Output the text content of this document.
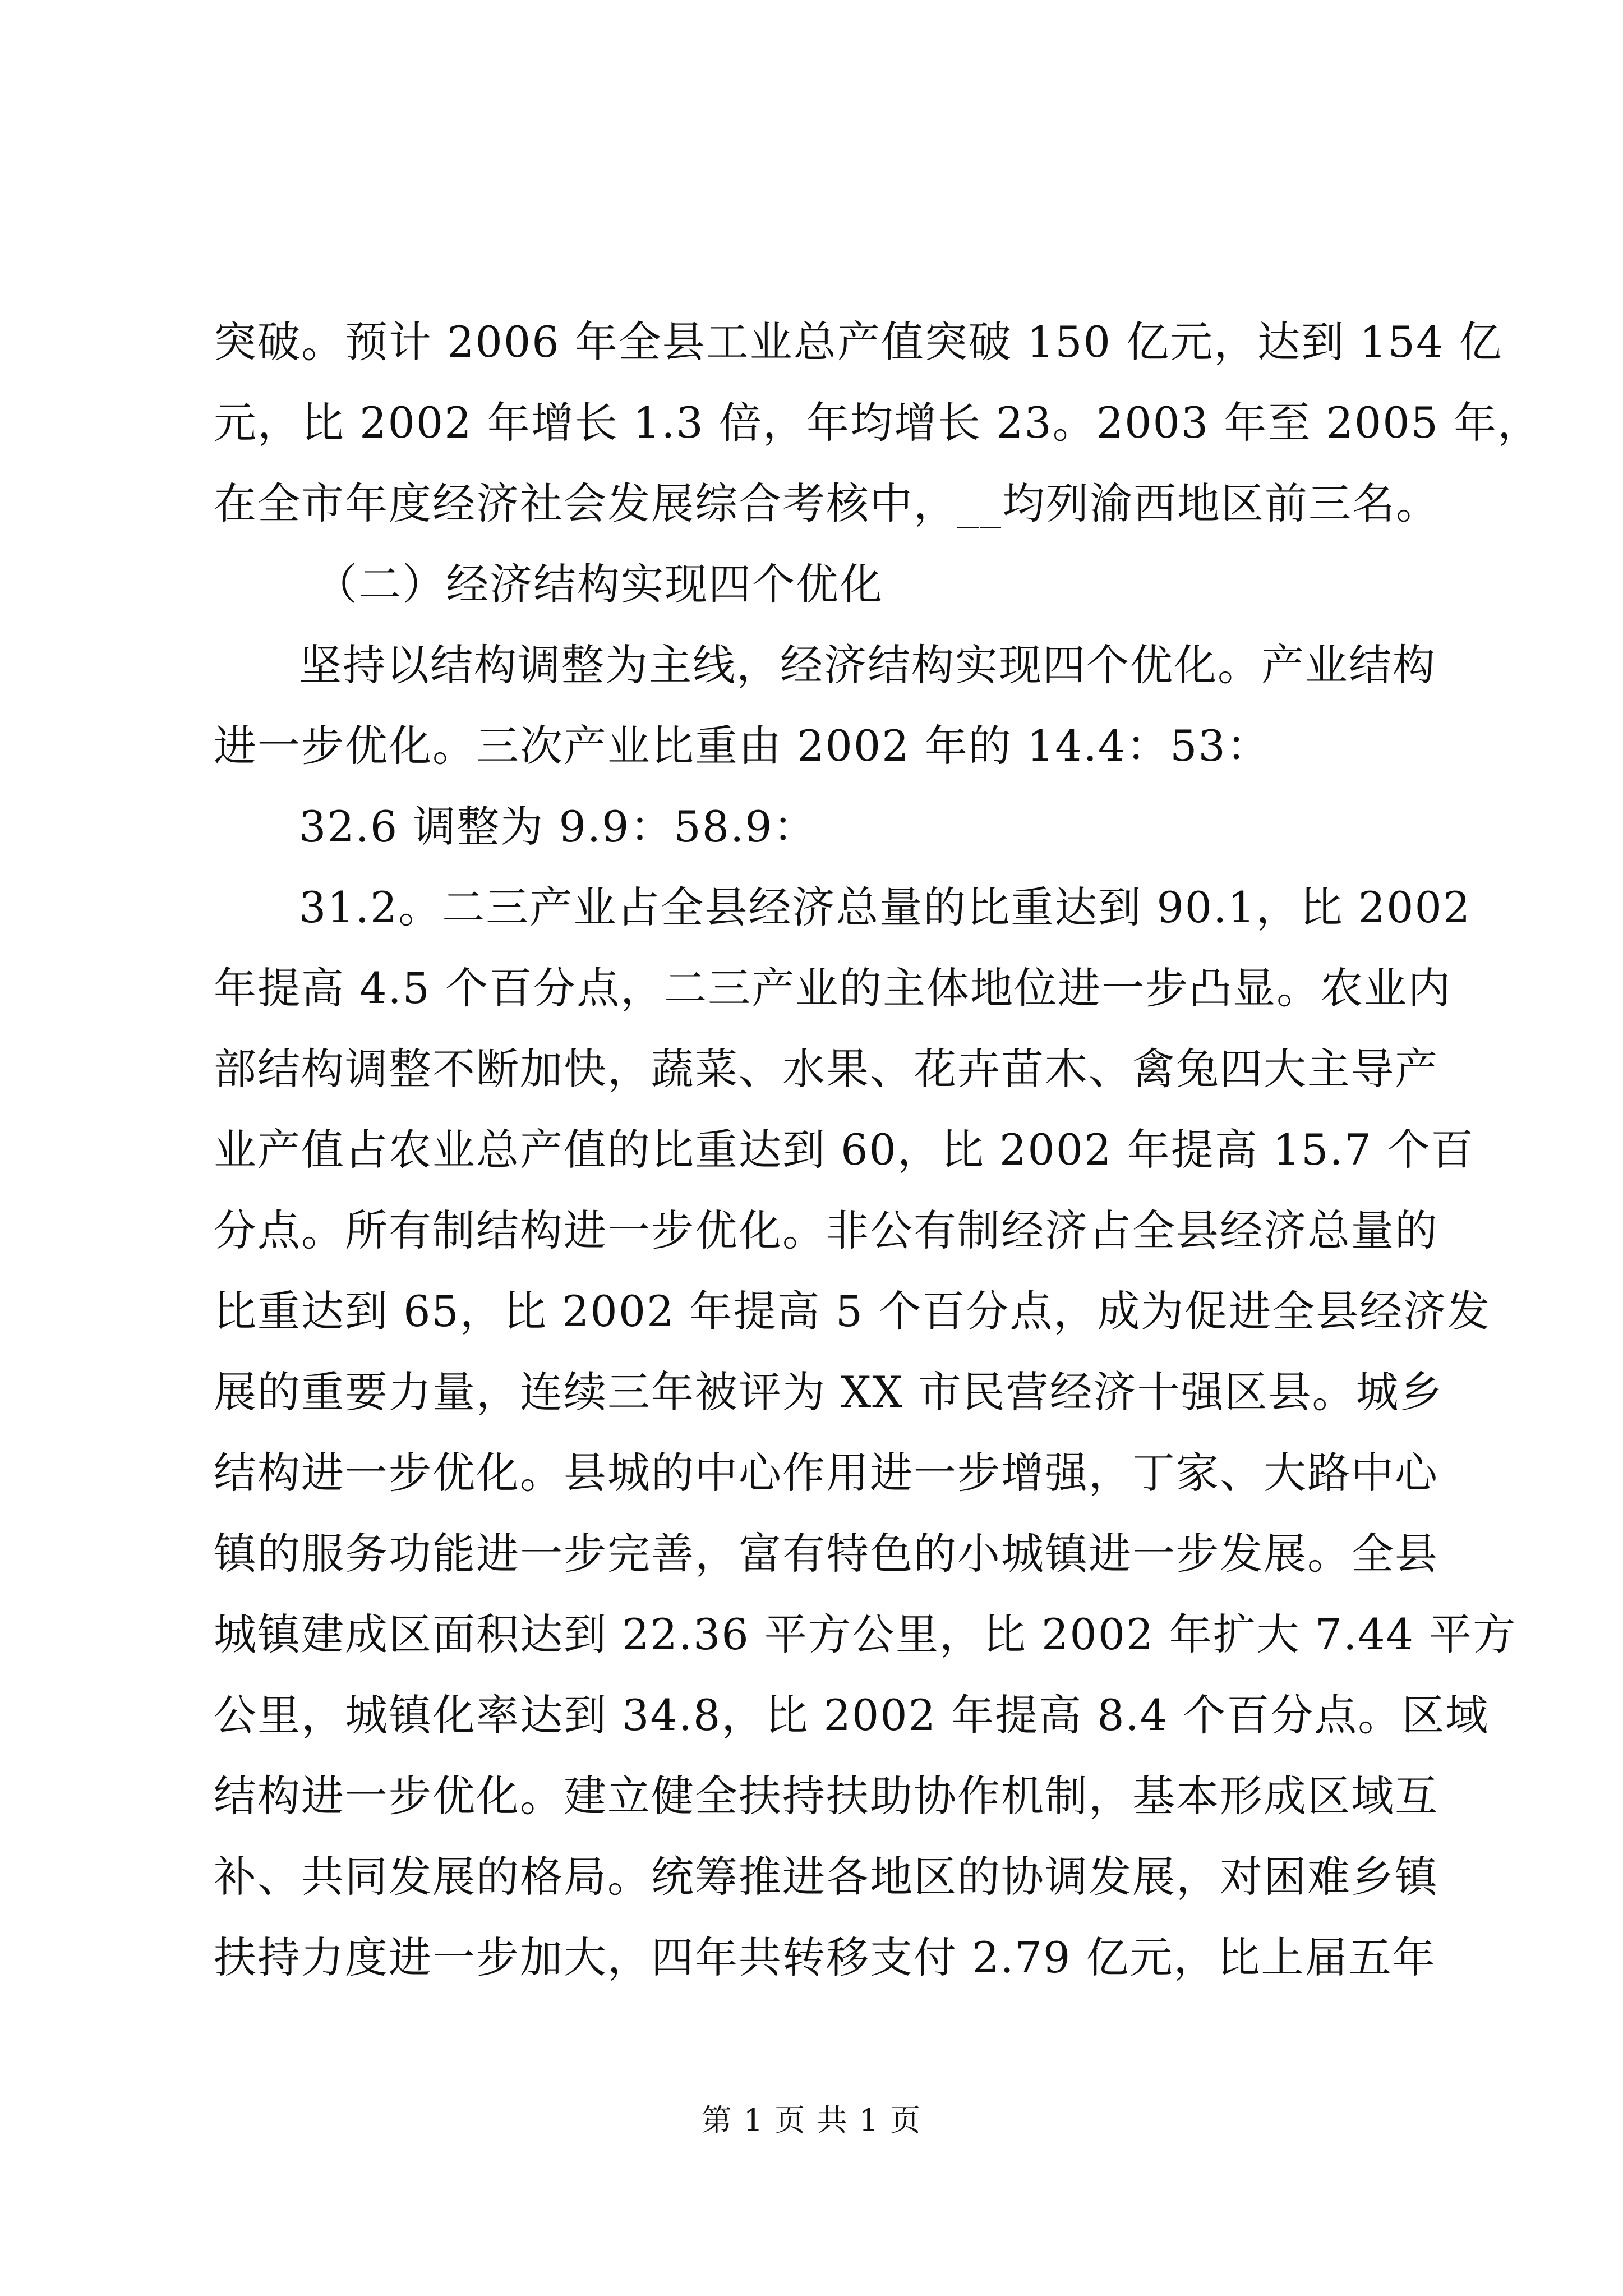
突破。预计 2006 年全县工业总产值突破 150 亿元，达到 154 亿
元，比 2002 年增长 1.3 倍，年均增长 23。2003 年至 2005 年，
在全市年度经济社会发展综合考核中，__均列渝西地区前三名。
（二）经济结构实现四个优化
坚持以结构调整为主线，经济结构实现四个优化。产业结构
进一步优化。三次产业比重由 2002 年的 14.4：53：
32.6 调整为 9.9：58.9：
31.2。二三产业占全县经济总量的比重达到 90.1，比 2002
年提高 4.5 个百分点，二三产业的主体地位进一步凸显。农业内
部结构调整不断加快，蔬菜、水果、花卉苗木、禽兔四大主导产
业产值占农业总产值的比重达到 60，比 2002 年提高 15.7 个百
分点。所有制结构进一步优化。非公有制经济占全县经济总量的
比重达到 65，比 2002 年提高 5 个百分点，成为促进全县经济发
展的重要力量，连续三年被评为 XX 市民营经济十强区县。城乡
结构进一步优化。县城的中心作用进一步增强，丁家、大路中心
镇的服务功能进一步完善，富有特色的小城镇进一步发展。全县
城镇建成区面积达到 22.36 平方公里，比 2002 年扩大 7.44 平方
公里，城镇化率达到 34.8，比 2002 年提高 8.4 个百分点。区域
结构进一步优化。建立健全扶持扶助协作机制，基本形成区域互
补、共同发展的格局。统筹推进各地区的协调发展，对困难乡镇
扶持力度进一步加大，四年共转移支付 2.79 亿元，比上届五年
第 1 页 共 1 页
